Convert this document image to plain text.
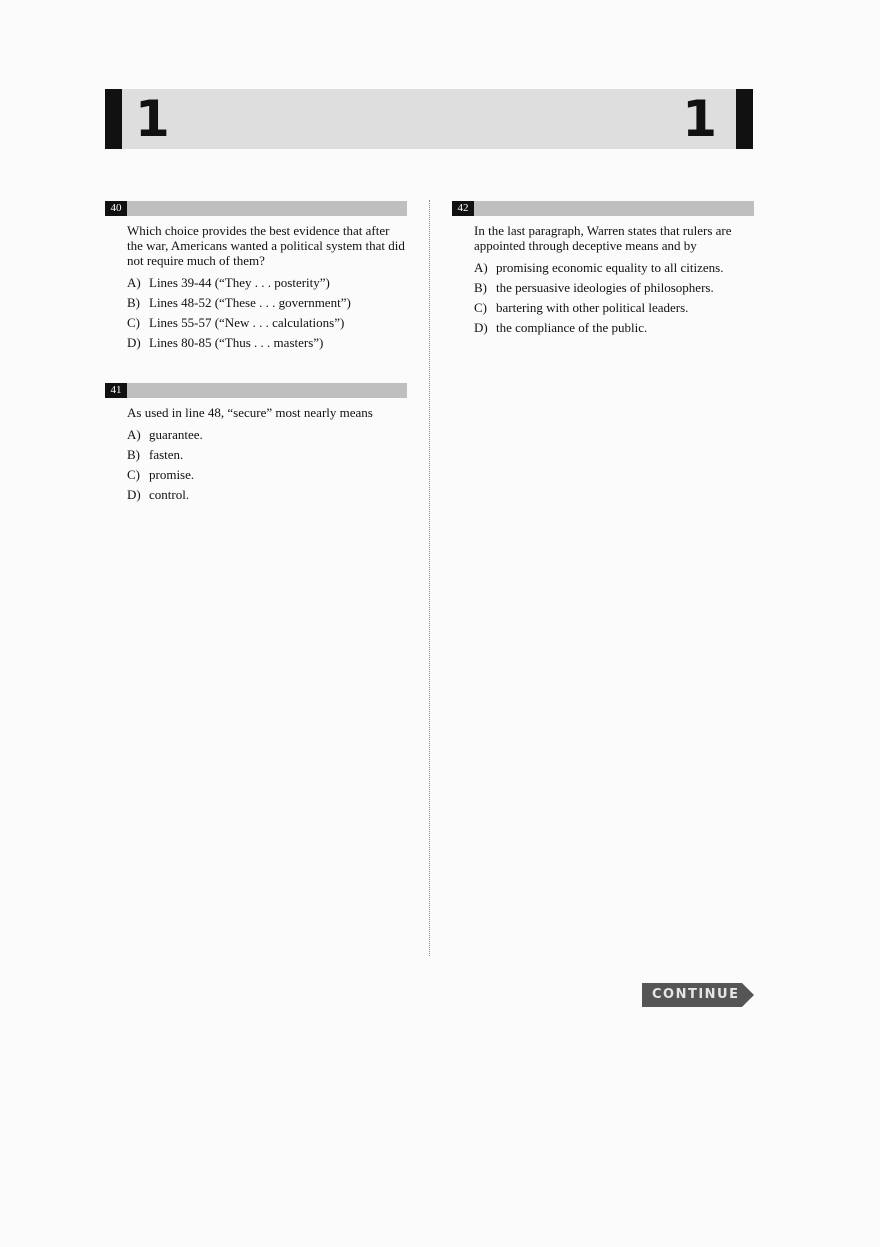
1	1
40

Which choice provides the best evidence that after the war, Americans wanted a political system that did not require much of them?

A) Lines 39-44 (“They . . . posterity”)
B) Lines 48-52 (“These . . . government”)
C) Lines 55-57 (“New . . . calculations”)
D) Lines 80-85 (“Thus . . . masters”)
41

As used in line 48, “secure” most nearly means

A) guarantee.
B) fasten.
C) promise.
D) control.
42

In the last paragraph, Warren states that rulers are appointed through deceptive means and by

A) promising economic equality to all citizens.
B) the persuasive ideologies of philosophers.
C) bartering with other political leaders.
D) the compliance of the public.
CONTINUE
